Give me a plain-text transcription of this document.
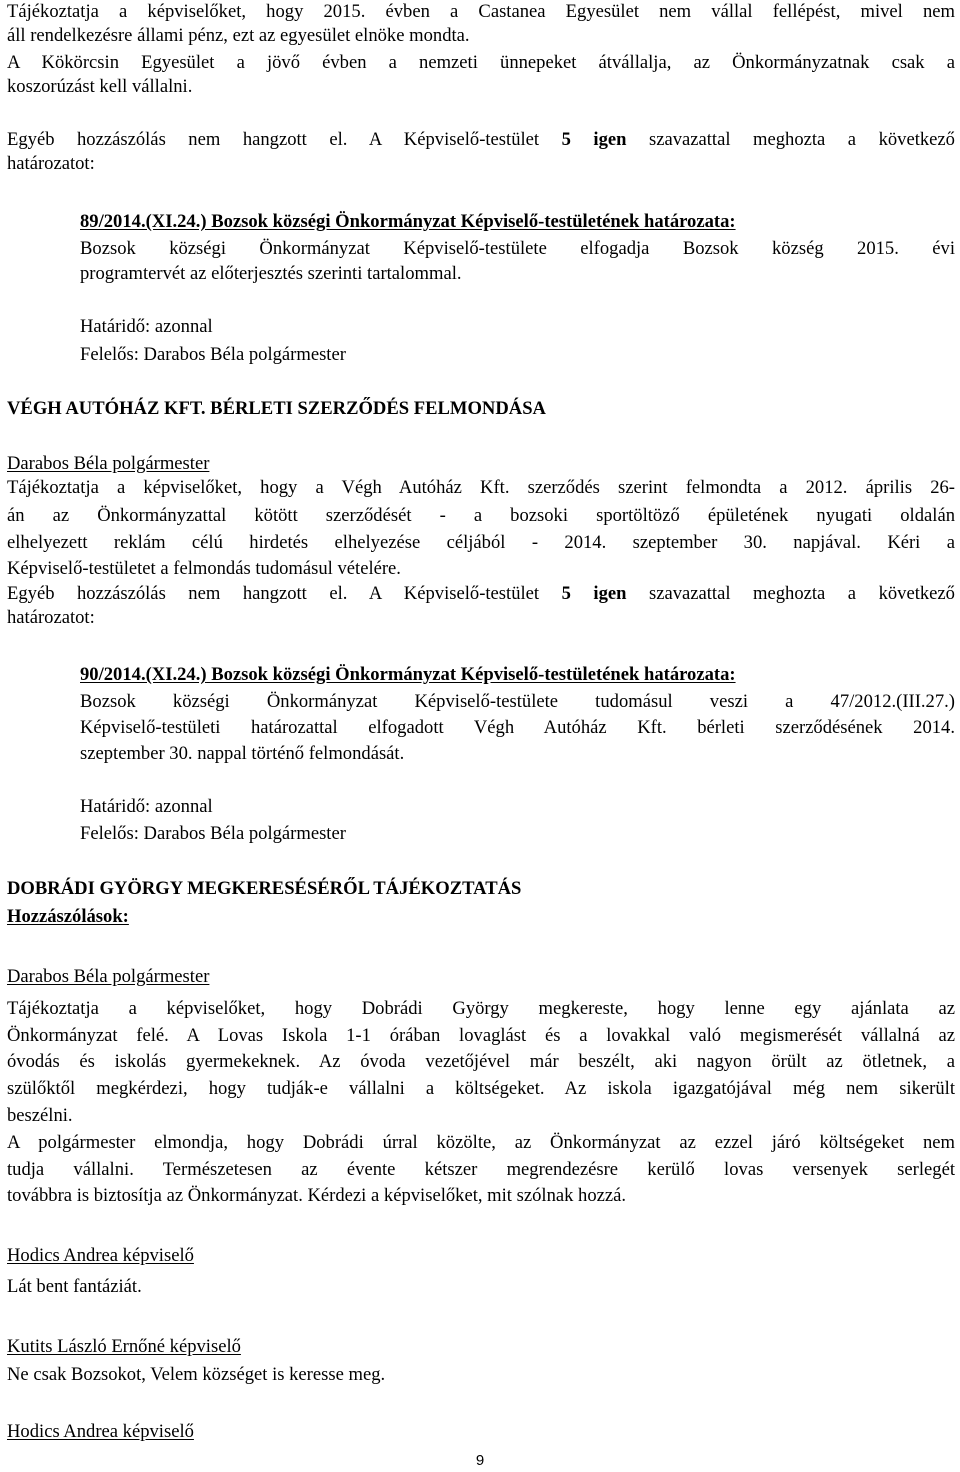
Tájékoztatja a képviselőket, hogy 2015. évben a Castanea Egyesület nem vállal fellépést, mivel nem
áll rendelkezésre állami pénz, ezt az egyesület elnöke mondta.
A Kökörcsin Egyesület a jövő évben a nemzeti ünnepeket átvállalja, az Önkormányzatnak csak a
koszorúzást kell vállalni.
Egyéb hozzászólás nem hangzott el. A Képviselő-testület 5 igen szavazattal meghozta a következő
határozatot:
89/2014.(XI.24.) Bozsok községi Önkormányzat Képviselő-testületének határozata:
Bozsok községi Önkormányzat Képviselő-testülete elfogadja Bozsok község 2015. évi
programtervét az előterjesztés szerinti tartalommal.
Határidő: azonnal
Felelős: Darabos Béla polgármester
VÉGH AUTÓHÁZ KFT. BÉRLETI SZERZŐDÉS FELMONDÁSA
Darabos Béla polgármester
Tájékoztatja a képviselőket, hogy a Végh Autóház Kft. szerződés szerint felmondta a 2012. április 26-
án az Önkormányzattal kötött szerződését - a bozsoki sportöltöző épületének nyugati oldalán
elhelyezett reklám célú hirdetés elhelyezése céljából - 2014. szeptember 30. napjával. Kéri a
Képviselő-testületet a felmondás tudomásul vételére.
Egyéb hozzászólás nem hangzott el. A Képviselő-testület 5 igen szavazattal meghozta a következő
határozatot:
90/2014.(XI.24.) Bozsok községi Önkormányzat Képviselő-testületének határozata:
Bozsok községi Önkormányzat Képviselő-testülete tudomásul veszi a 47/2012.(III.27.)
Képviselő-testületi határozattal elfogadott Végh Autóház Kft. bérleti szerződésének 2014.
szeptember 30. nappal történő felmondását.
Határidő: azonnal
Felelős: Darabos Béla polgármester
DOBRÁDI GYÖRGY MEGKERESÉSÉRŐL TÁJÉKOZTATÁS
Hozzászólások:
Darabos Béla polgármester
Tájékoztatja a képviselőket, hogy Dobrádi György megkereste, hogy lenne egy ajánlata az
Önkormányzat felé. A Lovas Iskola 1-1 órában lovaglást és a lovakkal való megismerését vállalná az
óvodás és iskolás gyermekeknek. Az óvoda vezetőjével már beszélt, aki nagyon örült az ötletnek, a
szülőktől megkérdezi, hogy tudják-e vállalni a költségeket. Az iskola igazgatójával még nem sikerült
beszélni.
A polgármester elmondja, hogy Dobrádi úrral közölte, az Önkormányzat az ezzel járó költségeket nem
tudja vállalni. Természetesen az évente kétszer megrendezésre kerülő lovas versenyek serlegét
továbbra is biztosítja az Önkormányzat. Kérdezi a képviselőket, mit szólnak hozzá.
Hodics Andrea képviselő
Lát bent fantáziát.
Kutits László Ernőné képviselő
Ne csak Bozsokot, Velem községet is keresse meg.
Hodics Andrea képviselő
9
